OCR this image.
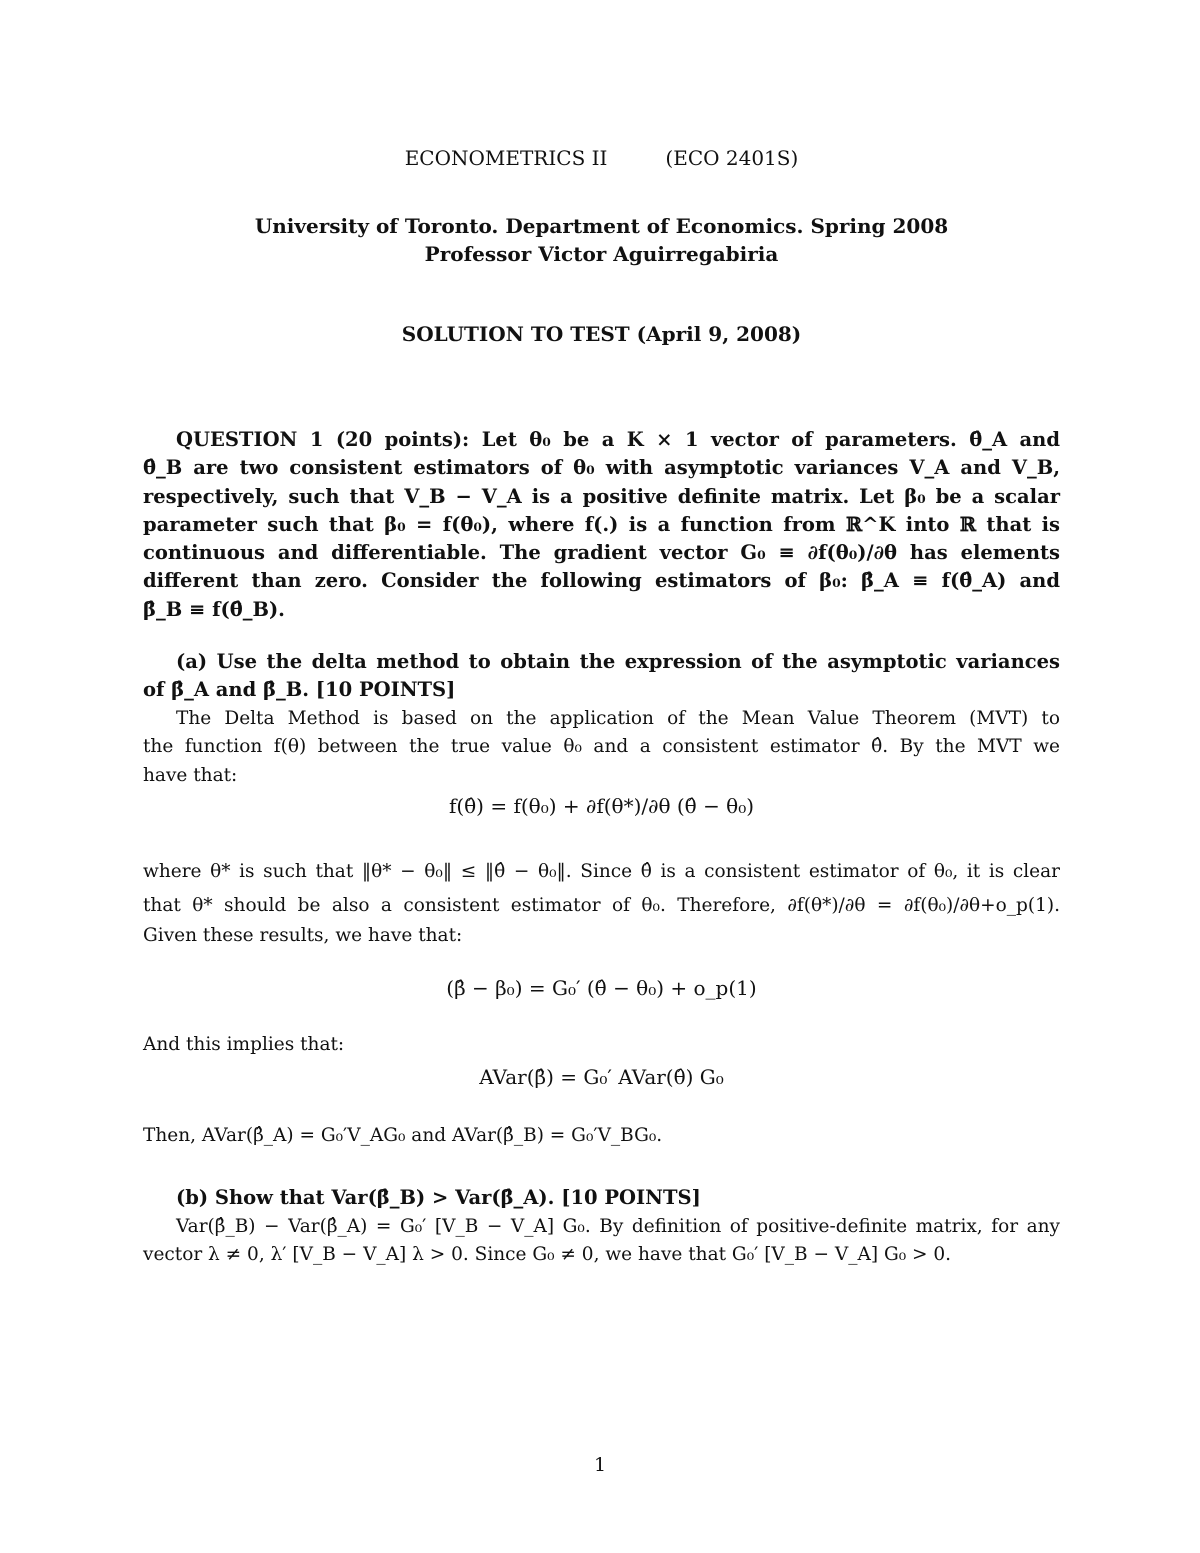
ECONOMETRICS II	(ECO 2401S)
University of Toronto. Department of Economics. Spring 2008
Professor Victor Aguirregabiria
SOLUTION TO TEST (April 9, 2008)
QUESTION 1 (20 points): Let θ₀ be a K × 1 vector of parameters. θ̂_A and
θ̂_B are two consistent estimators of θ₀ with asymptotic variances V_A and V_B,
respectively, such that V_B − V_A is a positive definite matrix. Let β₀ be a scalar
parameter such that β₀ = f(θ₀), where f(.) is a function from ℝ^K into ℝ that is
continuous and differentiable. The gradient vector G₀ ≡ ∂f(θ₀)/∂θ has elements
different than zero. Consider the following estimators of β₀: β̂_A ≡ f(θ̂_A) and
β̂_B ≡ f(θ̂_B).
(a) Use the delta method to obtain the expression of the asymptotic variances
of β̂_A and β̂_B. [10 POINTS]
The Delta Method is based on the application of the Mean Value Theorem (MVT) to
the function f(θ) between the true value θ₀ and a consistent estimator θ̂. By the MVT we
have that:
f(θ̂) = f(θ₀) + ∂f(θ*)/∂θ (θ̂ − θ₀)
where θ* is such that ‖θ* − θ₀‖ ≤ ‖θ̂ − θ₀‖. Since θ̂ is a consistent estimator of θ₀, it is clear
that θ* should be also a consistent estimator of θ₀. Therefore, ∂f(θ*)/∂θ = ∂f(θ₀)/∂θ+o_p(1).
Given these results, we have that:
(β̂ − β₀) = G₀′ (θ̂ − θ₀) + o_p(1)
And this implies that:
AVar(β̂) = G₀′ AVar(θ̂) G₀
Then, AVar(β̂_A) = G₀′V_AG₀ and AVar(β̂_B) = G₀′V_BG₀.
(b) Show that Var(β̂_B) > Var(β̂_A). [10 POINTS]
Var(β̂_B) − Var(β̂_A) = G₀′ [V_B − V_A] G₀. By definition of positive-definite matrix, for any
vector λ ≠ 0, λ′ [V_B − V_A] λ > 0. Since G₀ ≠ 0, we have that G₀′ [V_B − V_A] G₀ > 0.
1
